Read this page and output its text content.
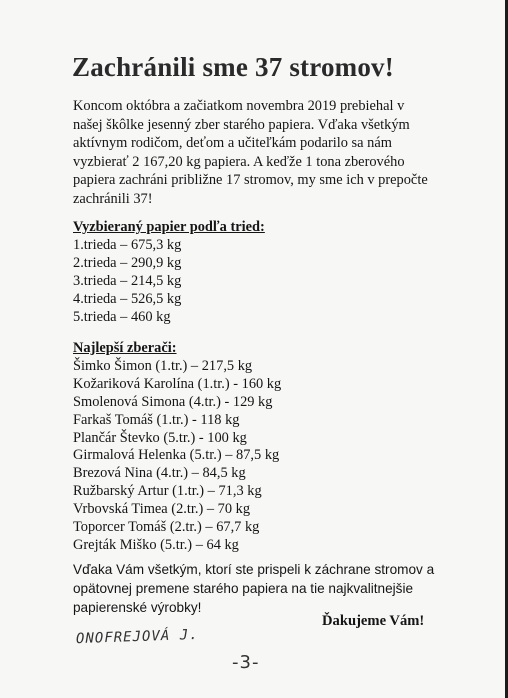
Zachránili sme 37 stromov!
Koncom októbra a začiatkom novembra 2019 prebiehal v
našej škôlke jesenný zber starého papiera. Vďaka všetkým
aktívnym rodičom, deťom a učiteľkám podarilo sa nám
vyzbierať 2 167,20 kg papiera. A keďže 1 tona zberového
papiera zachráni približne 17 stromov, my sme ich v prepočte
zachránili 37!
Vyzbieraný papier podľa tried:
1.trieda – 675,3 kg
2.trieda – 290,9 kg
3.trieda – 214,5 kg
4.trieda – 526,5 kg
5.trieda – 460 kg
Najlepší zberači:
Šimko Šimon (1.tr.) – 217,5 kg
Kožariková Karolína (1.tr.) - 160 kg
Smolenová Simona (4.tr.) - 129 kg
Farkaš Tomáš (1.tr.) - 118 kg
Plančár Števko (5.tr.) - 100 kg
Girmalová Helenka (5.tr.) – 87,5 kg
Brezová Nina (4.tr.) – 84,5 kg
Ružbarský Artur (1.tr.) – 71,3 kg
Vrbovská Timea (2.tr.) – 70 kg
Toporcer Tomáš (2.tr.) – 67,7 kg
Grejták Miško (5.tr.) – 64 kg
Vďaka Vám všetkým, ktorí ste prispeli k záchrane stromov a
opätovnej premene starého papiera na tie najkvalitnejšie
papierenské výrobky!
Ďakujeme Vám!
ONOFREJOVÁ J.
-3-
